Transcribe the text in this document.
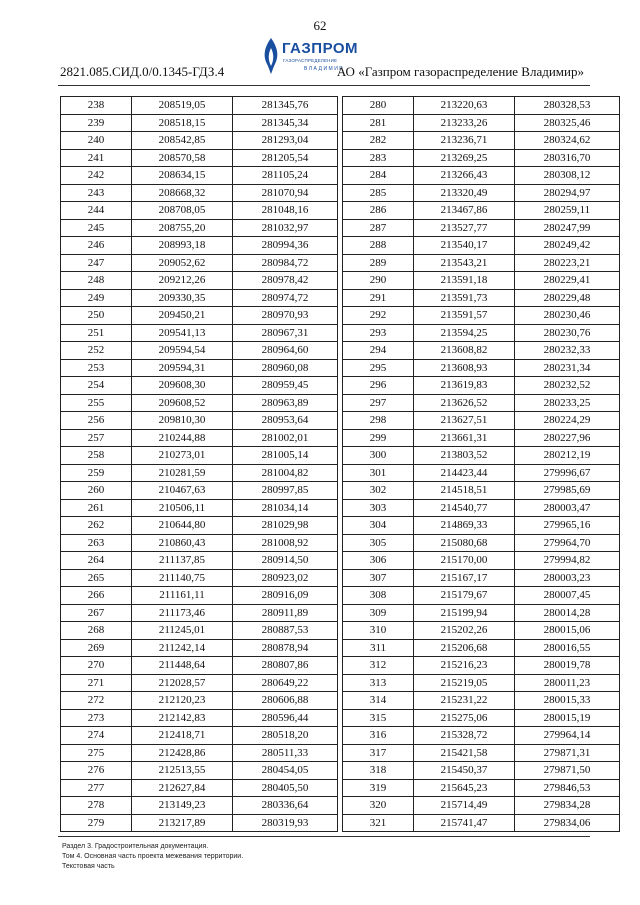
62
ГАЗПРОМ
ГАЗОРАСПРЕДЕЛЕНИЕ
ВЛАДИМИР
2821.085.СИД.0/0.1345-ГДЗ.4	АО «Газпром газораспределение Владимир»
238	208519,05	281345,76
239	208518,15	281345,34
240	208542,85	281293,04
241	208570,58	281205,54
242	208634,15	281105,24
243	208668,32	281070,94
244	208708,05	281048,16
245	208755,20	281032,97
246	208993,18	280994,36
247	209052,62	280984,72
248	209212,26	280978,42
249	209330,35	280974,72
250	209450,21	280970,93
251	209541,13	280967,31
252	209594,54	280964,60
253	209594,31	280960,08
254	209608,30	280959,45
255	209608,52	280963,89
256	209810,30	280953,64
257	210244,88	281002,01
258	210273,01	281005,14
259	210281,59	281004,82
260	210467,63	280997,85
261	210506,11	281034,14
262	210644,80	281029,98
263	210860,43	281008,92
264	211137,85	280914,50
265	211140,75	280923,02
266	211161,11	280916,09
267	211173,46	280911,89
268	211245,01	280887,53
269	211242,14	280878,94
270	211448,64	280807,86
271	212028,57	280649,22
272	212120,23	280606,88
273	212142,83	280596,44
274	212418,71	280518,20
275	212428,86	280511,33
276	212513,55	280454,05
277	212627,84	280405,50
278	213149,23	280336,64
279	213217,89	280319,93
280	213220,63	280328,53
281	213233,26	280325,46
282	213236,71	280324,62
283	213269,25	280316,70
284	213266,43	280308,12
285	213320,49	280294,97
286	213467,86	280259,11
287	213527,77	280247,99
288	213540,17	280249,42
289	213543,21	280223,21
290	213591,18	280229,41
291	213591,73	280229,48
292	213591,57	280230,46
293	213594,25	280230,76
294	213608,82	280232,33
295	213608,93	280231,34
296	213619,83	280232,52
297	213626,52	280233,25
298	213627,51	280224,29
299	213661,31	280227,96
300	213803,52	280212,19
301	214423,44	279996,67
302	214518,51	279985,69
303	214540,77	280003,47
304	214869,33	279965,16
305	215080,68	279964,70
306	215170,00	279994,82
307	215167,17	280003,23
308	215179,67	280007,45
309	215199,94	280014,28
310	215202,26	280015,06
311	215206,68	280016,55
312	215216,23	280019,78
313	215219,05	280011,23
314	215231,22	280015,33
315	215275,06	280015,19
316	215328,72	279964,14
317	215421,58	279871,31
318	215450,37	279871,50
319	215645,23	279846,53
320	215714,49	279834,28
321	215741,47	279834,06
Раздел 3. Градостроительная документация.
Том 4. Основная часть проекта межевания территории.
Текстовая часть
